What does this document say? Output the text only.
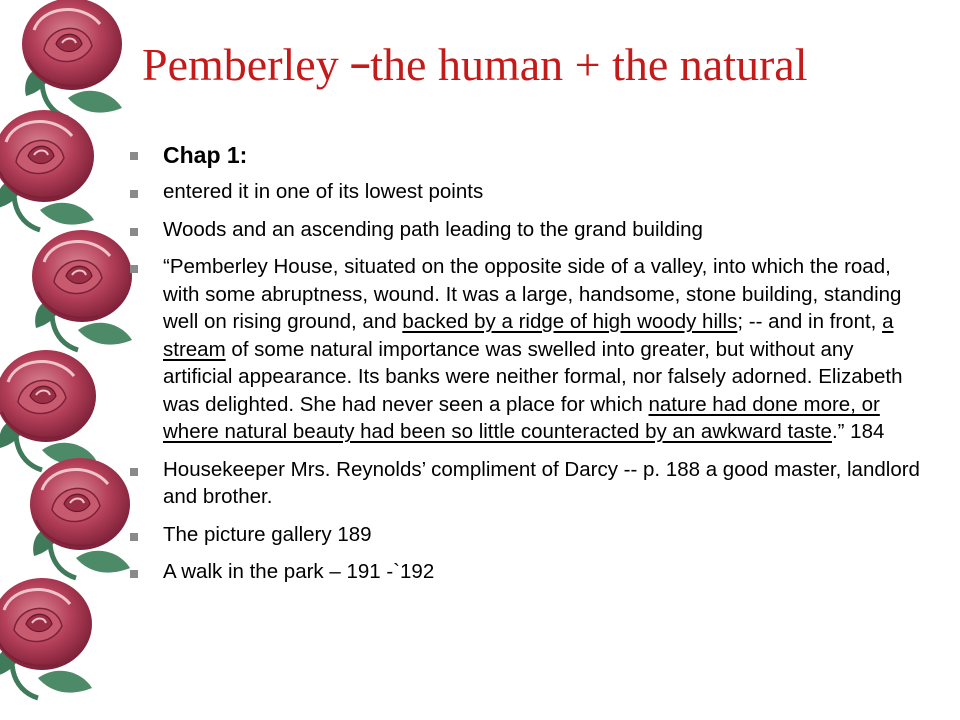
Pemberley –the human + the natural
Chap 1:
entered it in one of its lowest points
Woods and an ascending path leading to the grand building
“Pemberley House, situated on the opposite side of a valley, into which the road, with some abruptness, wound. It was a large, handsome, stone building, standing well on rising ground, and backed by a ridge of high woody hills; -- and in front, a stream of some natural importance was swelled into greater, but without any artificial appearance. Its banks were neither formal, nor falsely adorned. Elizabeth was delighted. She had never seen a place for which nature had done more, or where natural beauty had been so little counteracted by an awkward taste.” 184
Housekeeper Mrs. Reynolds’ compliment of Darcy -- p. 188 a good master, landlord and brother.
The picture gallery 189
A walk in the park – 191 -`192
